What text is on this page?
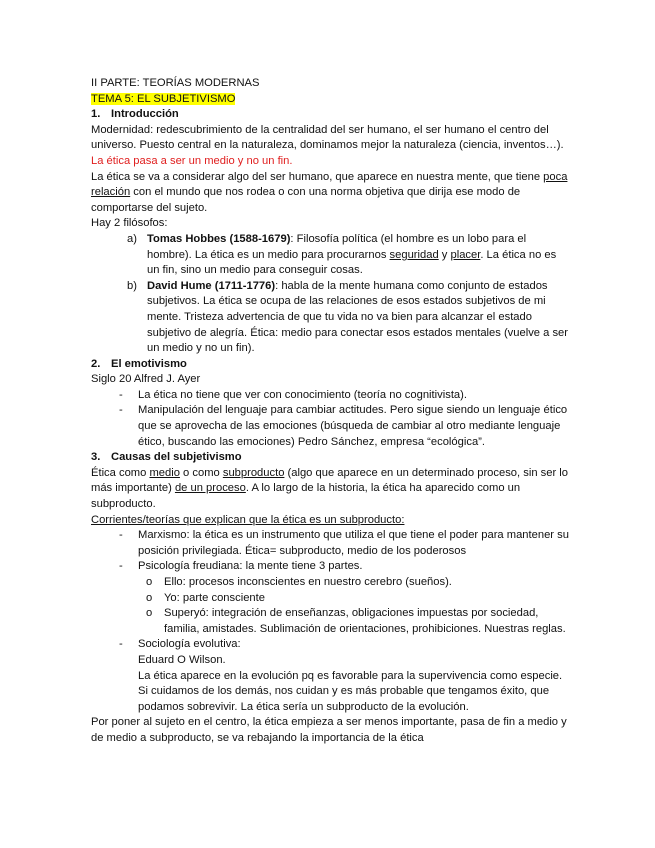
II PARTE: TEORÍAS MODERNAS

TEMA 5: EL SUBJETIVISMO

1. Introducción

Modernidad: redescubrimiento de la centralidad del ser humano, el ser humano el centro del universo. Puesto central en la naturaleza, dominamos mejor la naturaleza (ciencia, inventos…). La ética pasa a ser un medio y no un fin.

La ética se va a considerar algo del ser humano, que aparece en nuestra mente, que tiene poca relación con el mundo que nos rodea o con una norma objetiva que dirija ese modo de comportarse del sujeto.

Hay 2 filósofos:

a) Tomas Hobbes (1588-1679): Filosofía política (el hombre es un lobo para el hombre). La ética es un medio para procurarnos seguridad y placer. La ética no es un fin, sino un medio para conseguir cosas.
b) David Hume (1711-1776): habla de la mente humana como conjunto de estados subjetivos. La ética se ocupa de las relaciones de esos estados subjetivos de mi mente. Tristeza advertencia de que tu vida no va bien para alcanzar el estado subjetivo de alegría. Ética: medio para conectar esos estados mentales (vuelve a ser un medio y no un fin).

2. El emotivismo

Siglo 20 Alfred J. Ayer

-	La ética no tiene que ver con conocimiento (teoría no cognitivista).
-	Manipulación del lenguaje para cambiar actitudes. Pero sigue siendo un lenguaje ético que se aprovecha de las emociones (búsqueda de cambiar al otro mediante lenguaje ético, buscando las emociones) Pedro Sánchez, empresa “ecológica”.

3. Causas del subjetivismo

Ética como medio o como subproducto (algo que aparece en un determinado proceso, sin ser lo más importante) de un proceso. A lo largo de la historia, la ética ha aparecido como un subproducto.

Corrientes/teorías que explican que la ética es un subproducto:

-	Marxismo: la ética es un instrumento que utiliza el que tiene el poder para mantener su posición privilegiada. Ética= subproducto, medio de los poderosos
-	Psicología freudiana: la mente tiene 3 partes.
o	Ello: procesos inconscientes en nuestro cerebro (sueños).
o	Yo: parte consciente
o	Superyó: integración de enseñanzas, obligaciones impuestas por sociedad, familia, amistades. Sublimación de orientaciones, prohibiciones. Nuestras reglas.
-	Sociología evolutiva:

Eduard O Wilson.

La ética aparece en la evolución pq es favorable para la supervivencia como especie. Si cuidamos de los demás, nos cuidan y es más probable que tengamos éxito, que podamos sobrevivir. La ética sería un subproducto de la evolución.

Por poner al sujeto en el centro, la ética empieza a ser menos importante, pasa de fin a medio y de medio a subproducto, se va rebajando la importancia de la ética
